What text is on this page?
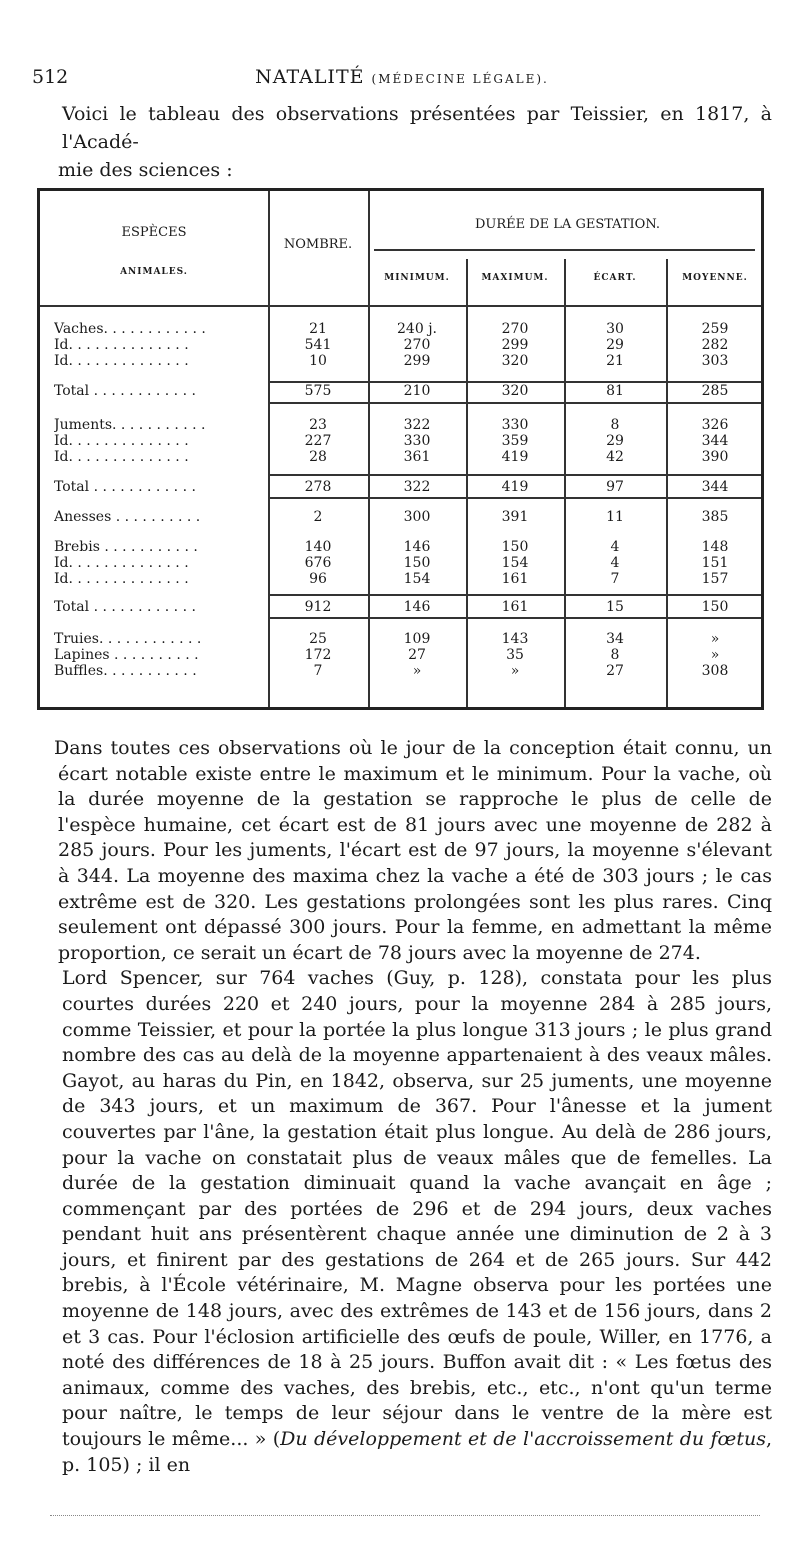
512	NATALITÉ (MÉDECINE LÉGALE).
Voici le tableau des observations présentées par Teissier, en 1817, à l'Acadé-
mie des sciences :
ESPÈCES
ANIMALES.
NOMBRE.
DURÉE DE LA GESTATION.
MINIMUM.	MAXIMUM.	ÉCART.	MOYENNE.
Vaches. . . . . . . . . . . .	21	240 j.	270	30	259
Id. . . . . . . . . . . . . .	541	270	299	29	282
Id. . . . . . . . . . . . . .	10	299	320	21	303
Total . . . . . . . . . . . .	575	210	320	81	285
Juments. . . . . . . . . . .	23	322	330	8	326
Id. . . . . . . . . . . . . .	227	330	359	29	344
Id. . . . . . . . . . . . . .	28	361	419	42	390
Total . . . . . . . . . . . .	278	322	419	97	344
Anesses . . . . . . . . . .	2	300	391	11	385
Brebis . . . . . . . . . . .	140	146	150	4	148
Id. . . . . . . . . . . . . .	676	150	154	4	151
Id. . . . . . . . . . . . . .	96	154	161	7	157
Total . . . . . . . . . . . .	912	146	161	15	150
Truies. . . . . . . . . . . .	25	109	143	34	»
Lapines . . . . . . . . . .	172	27	35	8	»
Buffles. . . . . . . . . . .	7	»	»	27	308

Dans toutes ces observations où le jour de la conception était connu, un écart notable existe entre le maximum et le minimum. Pour la vache, où la durée moyenne de la gestation se rapproche le plus de celle de l'espèce humaine, cet écart est de 81 jours avec une moyenne de 282 à 285 jours. Pour les juments, l'écart est de 97 jours, la moyenne s'élevant à 344. La moyenne des maxima chez la vache a été de 303 jours ; le cas extrême est de 320. Les gestations prolongées sont les plus rares. Cinq seulement ont dépassé 300 jours. Pour la femme, en admettant la même proportion, ce serait un écart de 78 jours avec la moyenne de 274.

Lord Spencer, sur 764 vaches (Guy, p. 128), constata pour les plus courtes durées 220 et 240 jours, pour la moyenne 284 à 285 jours, comme Teissier, et pour la portée la plus longue 313 jours ; le plus grand nombre des cas au delà de la moyenne appartenaient à des veaux mâles. Gayot, au haras du Pin, en 1842, observa, sur 25 juments, une moyenne de 343 jours, et un maximum de 367. Pour l'ânesse et la jument couvertes par l'âne, la gestation était plus longue. Au delà de 286 jours, pour la vache on constatait plus de veaux mâles que de femelles. La durée de la gestation diminuait quand la vache avançait en âge ; commençant par des portées de 296 et de 294 jours, deux vaches pendant huit ans présentèrent chaque année une diminution de 2 à 3 jours, et finirent par des gestations de 264 et de 265 jours. Sur 442 brebis, à l'École vétérinaire, M. Magne observa pour les portées une moyenne de 148 jours, avec des extrêmes de 143 et de 156 jours, dans 2 et 3 cas. Pour l'éclosion artificielle des œufs de poule, Willer, en 1776, a noté des différences de 18 à 25 jours. Buffon avait dit : « Les fœtus des animaux, comme des vaches, des brebis, etc., etc., n'ont qu'un terme pour naître, le temps de leur séjour dans le ventre de la mère est toujours le même... » (Du développement et de l'accroissement du fœtus, p. 105) ; il en
